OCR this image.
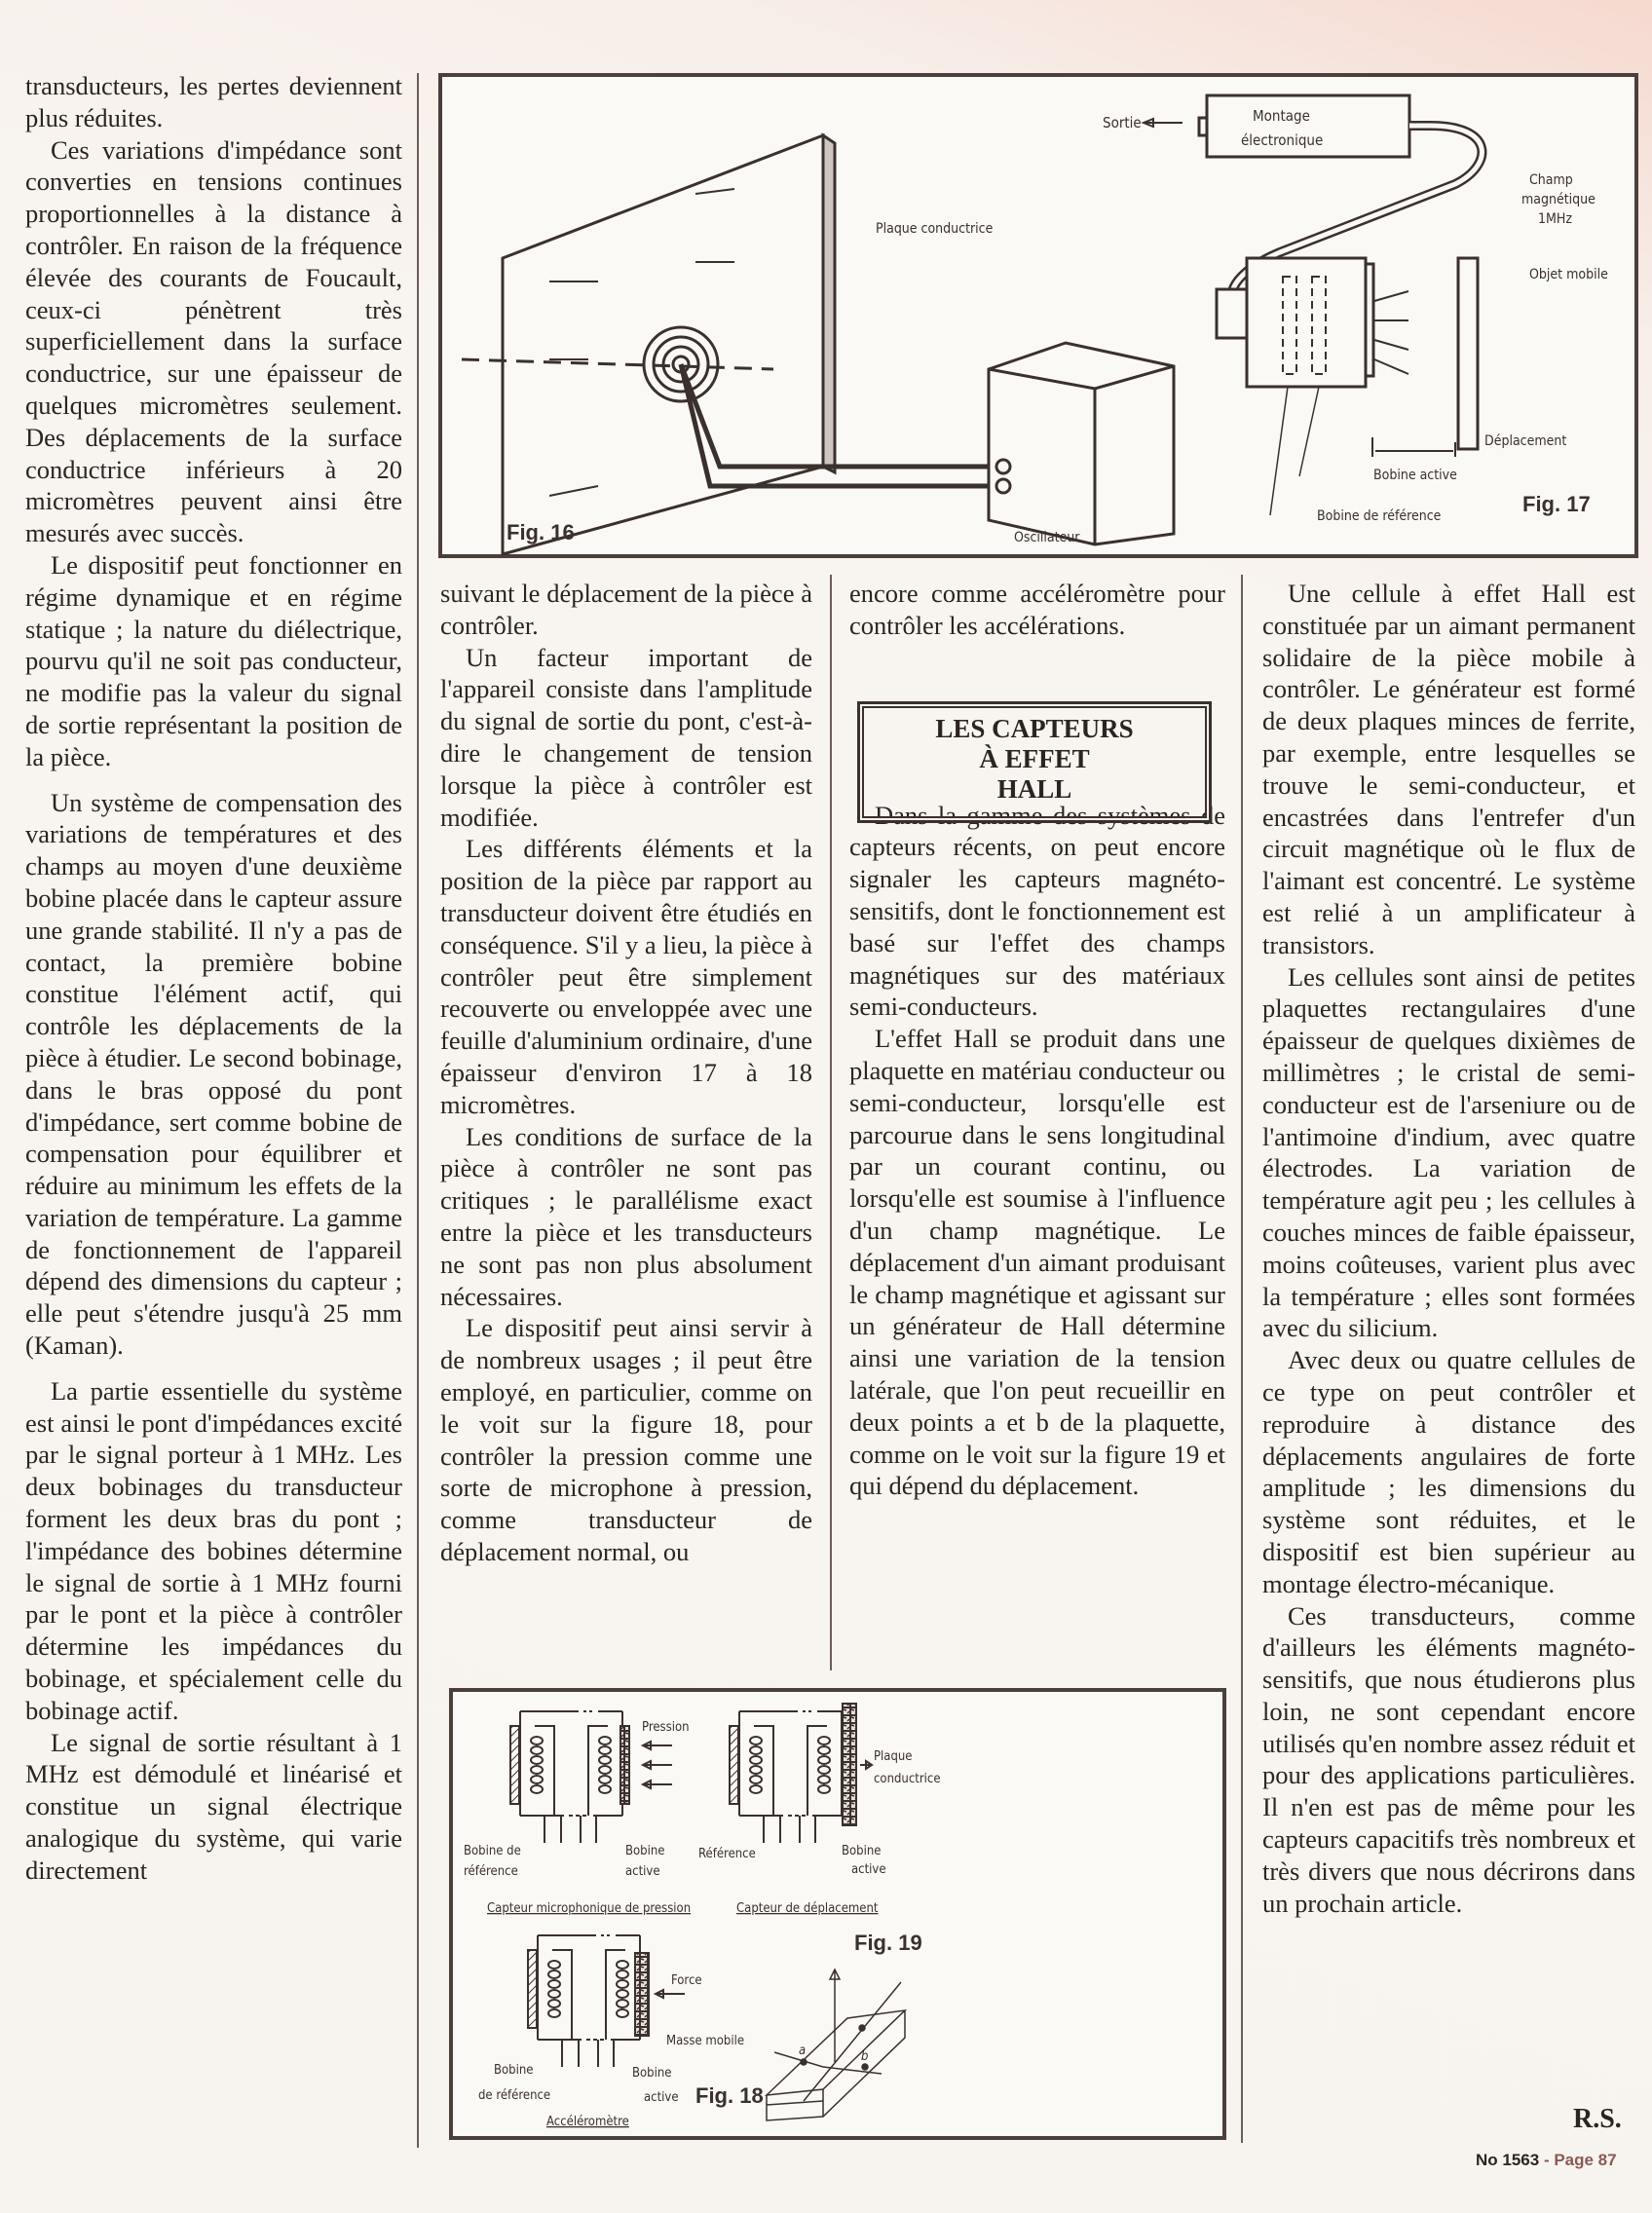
transducteurs, les pertes deviennent plus réduites.

Ces variations d'impédance sont converties en tensions continues proportionnelles à la distance à contrôler. En raison de la fréquence élevée des courants de Foucault, ceux-ci pénètrent très superficiellement dans la surface conductrice, sur une épaisseur de quelques micromètres seulement. Des déplacements de la surface conductrice inférieurs à 20 micromètres peuvent ainsi être mesurés avec succès.

Le dispositif peut fonctionner en régime dynamique et en régime statique ; la nature du diélectrique, pourvu qu'il ne soit pas conducteur, ne modifie pas la valeur du signal de sortie représentant la position de la pièce.

Un système de compensation des variations de températures et des champs au moyen d'une deuxième bobine placée dans le capteur assure une grande stabilité. Il n'y a pas de contact, la première bobine constitue l'élément actif, qui contrôle les déplacements de la pièce à étudier. Le second bobinage, dans le bras opposé du pont d'impédance, sert comme bobine de compensation pour équilibrer et réduire au minimum les effets de la variation de température. La gamme de fonctionnement de l'appareil dépend des dimensions du capteur ; elle peut s'étendre jusqu'à 25 mm (Kaman).

La partie essentielle du système est ainsi le pont d'impédances excité par le signal porteur à 1 MHz. Les deux bobinages du transducteur forment les deux bras du pont ; l'impédance des bobines détermine le signal de sortie à 1 MHz fourni par le pont et la pièce à contrôler détermine les impédances du bobinage, et spécialement celle du bobinage actif.

Le signal de sortie résultant à 1 MHz est démodulé et linéarisé et constitue un signal électrique analogique du système, qui varie directement

Sortie	Montage
électronique
Plaque conductrice
Champ
magnétique
1MHz
Objet mobile
Déplacement
Bobine active
Bobine de référence
Oscillateur
Fig. 16
Fig. 17

suivant le déplacement de la pièce à contrôler.

Un facteur important de l'appareil consiste dans l'amplitude du signal de sortie du pont, c'est-à-dire le changement de tension lorsque la pièce à contrôler est modifiée.

Les différents éléments et la position de la pièce par rapport au transducteur doivent être étudiés en conséquence. S'il y a lieu, la pièce à contrôler peut être simplement recouverte ou enveloppée avec une feuille d'aluminium ordinaire, d'une épaisseur d'environ 17 à 18 micromètres.

Les conditions de surface de la pièce à contrôler ne sont pas critiques ; le parallélisme exact entre la pièce et les transducteurs ne sont pas non plus absolument nécessaires.

Le dispositif peut ainsi servir à de nombreux usages ; il peut être employé, en particulier, comme on le voit sur la figure 18, pour contrôler la pression comme une sorte de microphone à pression, comme transducteur de déplacement normal, ou

encore comme accéléromètre pour contrôler les accélérations.

Dans la gamme des systèmes de capteurs récents, on peut encore signaler les capteurs magnéto-sensitifs, dont le fonctionnement est basé sur l'effet des champs magnétiques sur des matériaux semi-conducteurs.

L'effet Hall se produit dans une plaquette en matériau conducteur ou semi-conducteur, lorsqu'elle est parcourue dans le sens longitudinal par un courant continu, ou lorsqu'elle est soumise à l'influence d'un champ magnétique. Le déplacement d'un aimant produisant le champ magnétique et agissant sur un générateur de Hall détermine ainsi une variation de la tension latérale, que l'on peut recueillir en deux points a et b de la plaquette, comme on le voit sur la figure 19 et qui dépend du déplacement.

LES CAPTEURS
À EFFET
HALL

Une cellule à effet Hall est constituée par un aimant permanent solidaire de la pièce mobile à contrôler. Le générateur est formé de deux plaques minces de ferrite, par exemple, entre lesquelles se trouve le semi-conducteur, et encastrées dans l'entrefer d'un circuit magnétique où le flux de l'aimant est concentré. Le système est relié à un amplificateur à transistors.

Les cellules sont ainsi de petites plaquettes rectangulaires d'une épaisseur de quelques dixièmes de millimètres ; le cristal de semi-conducteur est de l'arseniure ou de l'antimoine d'indium, avec quatre électrodes. La variation de température agit peu ; les cellules à couches minces de faible épaisseur, moins coûteuses, varient plus avec la température ; elles sont formées avec du silicium.

Avec deux ou quatre cellules de ce type on peut contrôler et reproduire à distance des déplacements angulaires de forte amplitude ; les dimensions du système sont réduites, et le dispositif est bien supérieur au montage électro-mécanique.

Ces transducteurs, comme d'ailleurs les éléments magnéto-sensitifs, que nous étudierons plus loin, ne sont cependant encore utilisés qu'en nombre assez réduit et pour des applications particulières. Il n'en est pas de même pour les capteurs capacitifs très nombreux et très divers que nous décrirons dans un prochain article.

R.S.
No 1563 - Page 87
Pression
Bobine de
référence
Bobine
active
Référence	Bobine
active
Plaque
conductrice
Capteur microphonique de pression	Capteur de déplacement
Force
Masse mobile
Bobine
de référence
Bobine
active
Accéléromètre
a	b
Fig. 19
Fig. 18
